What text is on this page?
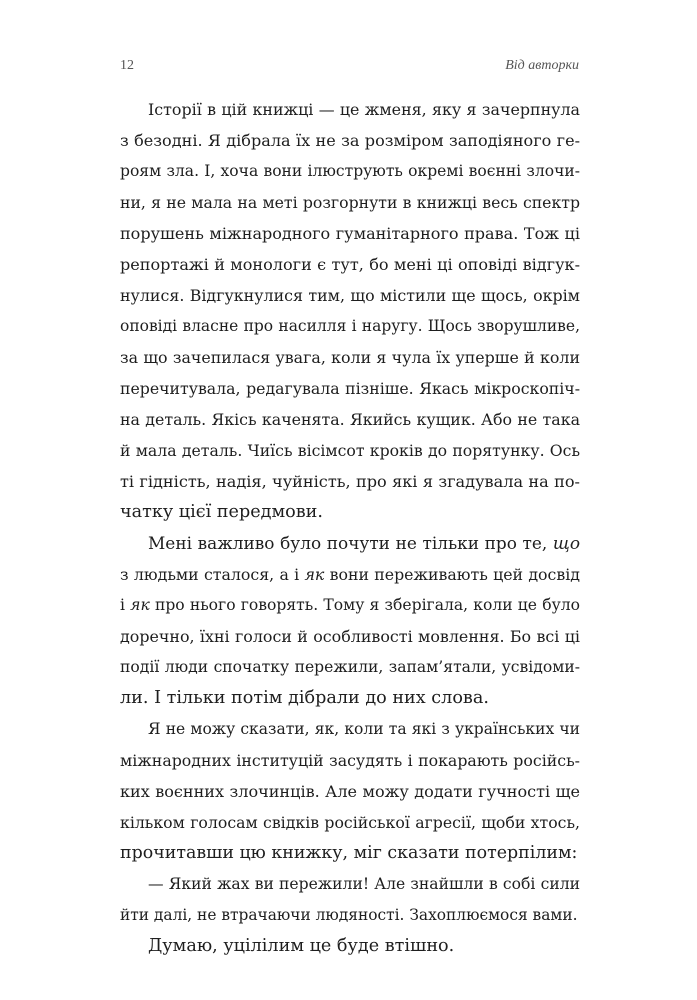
12	Від авторки
Історії в цій книжці — це жменя, яку я зачерпнула
з безодні. Я дібрала їх не за розміром заподіяного ге-
роям зла. І, хоча вони ілюструють окремі воєнні злочи-
ни, я не мала на меті розгорнути в книжці весь спектр
порушень міжнародного гуманітарного права. Тож ці
репортажі й монологи є тут, бо мені ці оповіді відгук-
нулися. Відгукнулися тим, що містили ще щось, окрім
оповіді власне про насилля і наругу. Щось зворушливе,
за що зачепилася увага, коли я чула їх уперше й коли
перечитувала, редагувала пізніше. Якась мікроскопіч-
на деталь. Якісь каченята. Якийсь кущик. Або не така
й мала деталь. Чиїсь вісімсот кроків до порятунку. Ось
ті гідність, надія, чуйність, про які я згадувала на по-
чатку цієї передмови.
Мені важливо було почути не тільки про те, що
з людьми сталося, а і як вони переживають цей досвід
і як про нього говорять. Тому я зберігала, коли це було
доречно, їхні голоси й особливості мовлення. Бо всі ці
події люди спочатку пережили, запам’ятали, усвідоми-
ли. І тільки потім дібрали до них слова.
Я не можу сказати, як, коли та які з українських чи
міжнародних інституцій засудять і покарають російсь-
ких воєнних злочинців. Але можу додати гучності ще
кільком голосам свідків російської агресії, щоби хтось,
прочитавши цю книжку, міг сказати потерпілим:
— Який жах ви пережили! Але знайшли в собі сили
йти далі, не втрачаючи людяності. Захоплюємося вами.
Думаю, уцілілим це буде втішно.
